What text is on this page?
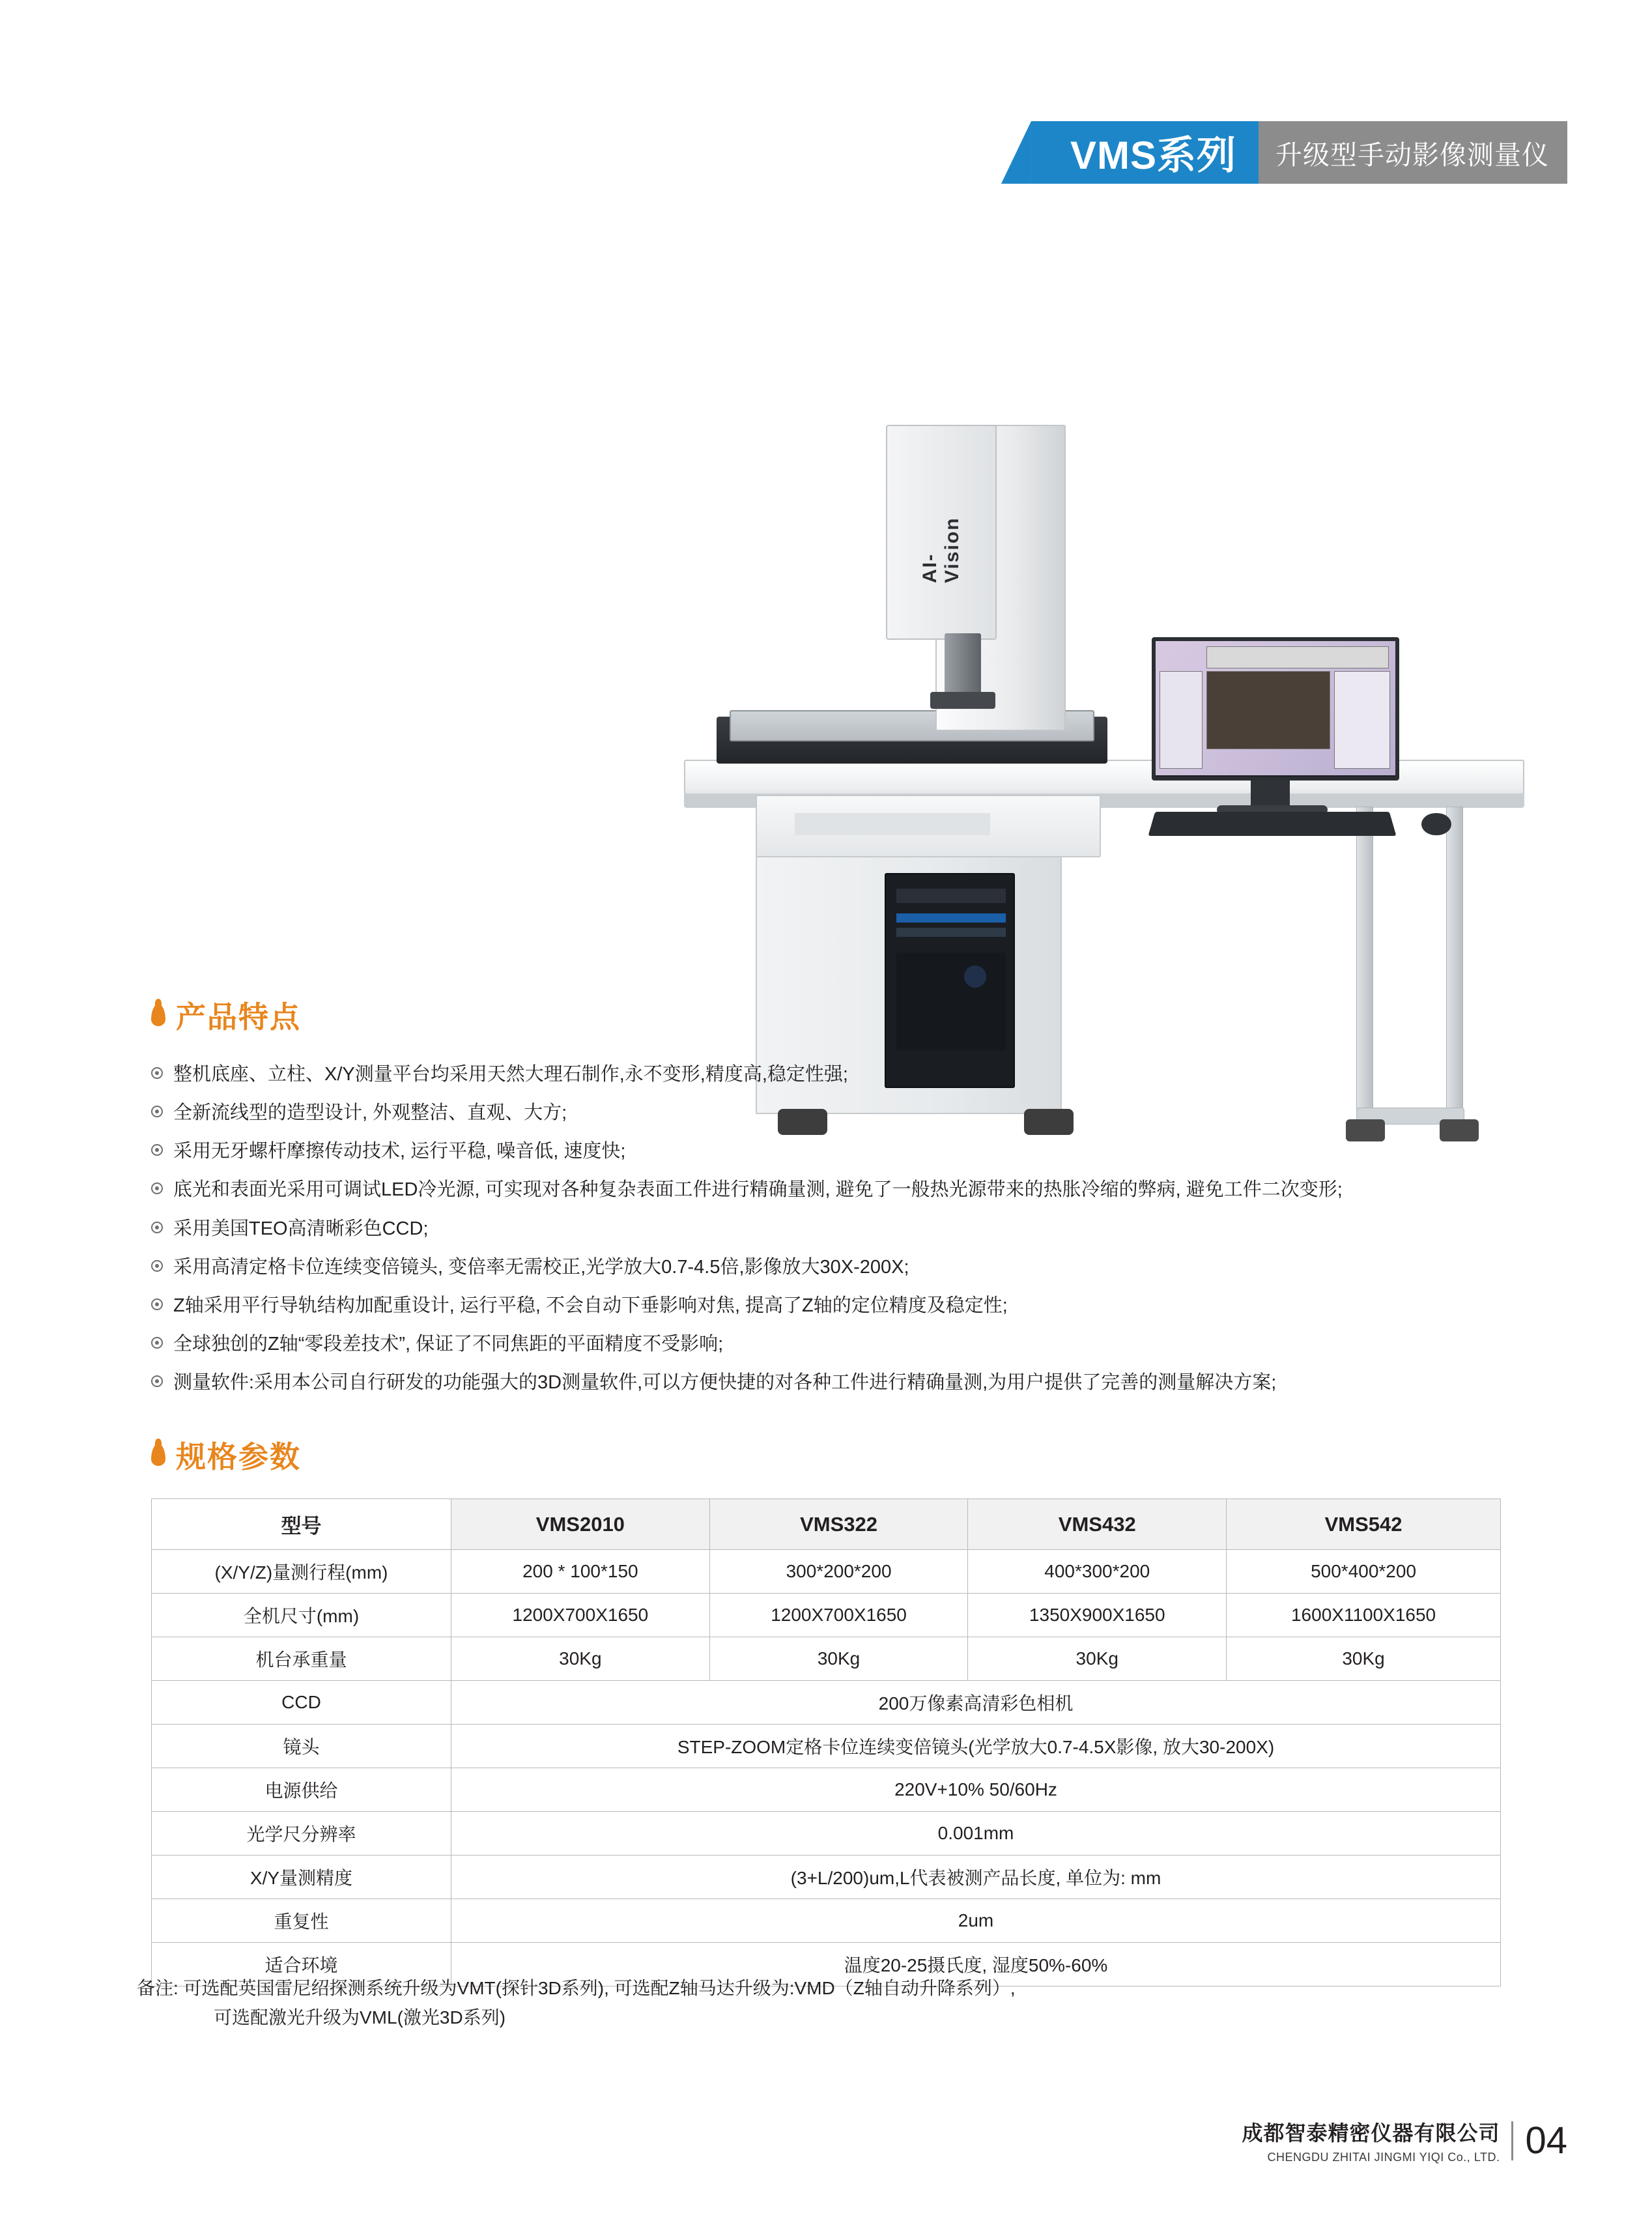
VMS系列	升级型手动影像测量仪
AI-Vision
产品特点
整机底座、立柱、X/Y测量平台均采用天然大理石制作,永不变形,精度高,稳定性强;
全新流线型的造型设计, 外观整洁、直观、大方;
采用无牙螺杆摩擦传动技术, 运行平稳, 噪音低, 速度快;
底光和表面光采用可调试LED冷光源, 可实现对各种复杂表面工件进行精确量测, 避免了一般热光源带来的热胀冷缩的弊病, 避免工件二次变形;
采用美国TEO高清晰彩色CCD;
采用高清定格卡位连续变倍镜头, 变倍率无需校正,光学放大0.7-4.5倍,影像放大30X-200X;
Z轴采用平行导轨结构加配重设计, 运行平稳, 不会自动下垂影响对焦, 提高了Z轴的定位精度及稳定性;
全球独创的Z轴“零段差技术”, 保证了不同焦距的平面精度不受影响;
测量软件:采用本公司自行研发的功能强大的3D测量软件,可以方便快捷的对各种工件进行精确量测,为用户提供了完善的测量解决方案;
规格参数
型号	VMS2010	VMS322	VMS432	VMS542
(X/Y/Z)量测行程(mm)	200 * 100*150	300*200*200	400*300*200	500*400*200
全机尺寸(mm)	1200X700X1650	1200X700X1650	1350X900X1650	1600X1100X1650
机台承重量	30Kg	30Kg	30Kg	30Kg
CCD	200万像素高清彩色相机			
镜头	STEP-ZOOM定格卡位连续变倍镜头(光学放大0.7-4.5X影像, 放大30-200X)			
电源供给	220V+10% 50/60Hz			
光学尺分辨率	0.001mm			
X/Y量测精度	(3+L/200)um,L代表被测产品长度, 单位为: mm			
重复性	2um			
适合环境	温度20-25摄氏度, 湿度50%-60%			
备注: 可选配英国雷尼绍探测系统升级为VMT(探针3D系列), 可选配Z轴马达升级为:VMD（Z轴自动升降系列）,
可选配激光升级为VML(激光3D系列)
成都智泰精密仪器有限公司
CHENGDU ZHITAI JINGMI YIQI Co., LTD. 04
